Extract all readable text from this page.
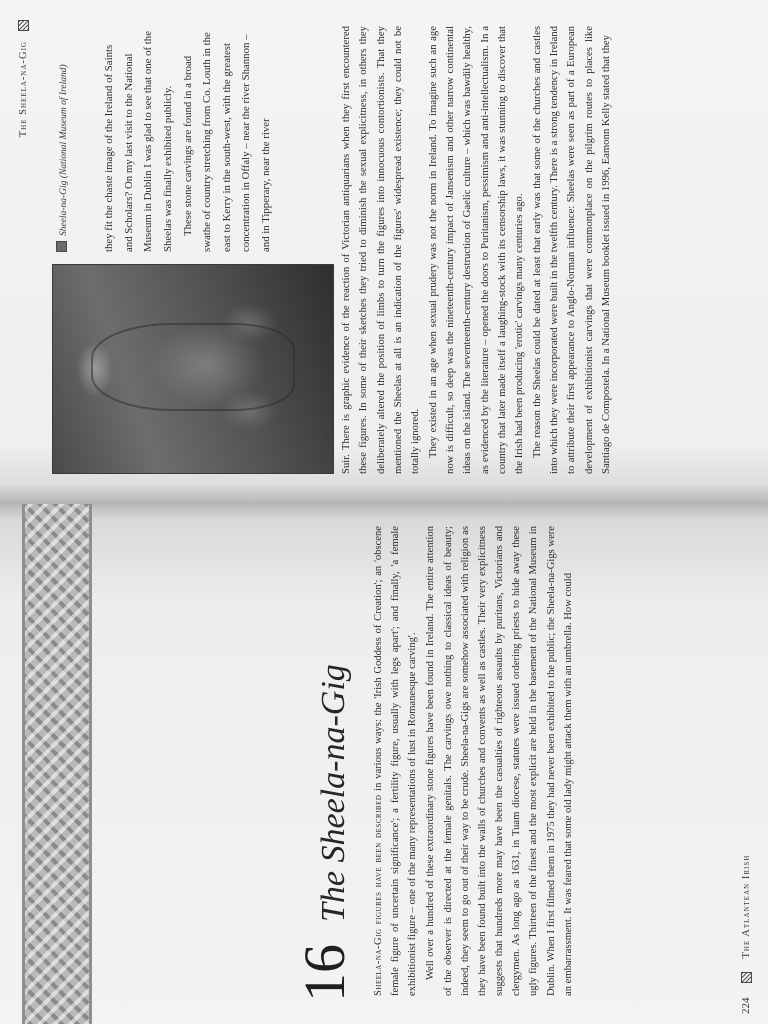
16
The Sheela-na-Gig Sheela-na-Gig figures have been described in various ways: the 'Irish Goddess of Creation'; an 'obscene female figure of uncertain significance'; a fertility figure, usually with legs apart'; and finally, 'a female exhibitionist figure – one of the many representations of lust in Romanesque carving'. Well over a hundred of these extraordinary stone figures have been found in Ireland. The entire attention of the observer is directed at the female genitals. The carvings owe nothing to classical ideas of beauty; indeed, they seem to go out of their way to be crude. Sheela-na-Gigs are somehow associated with religion as they have been found built into the walls of churches and convents as well as castles. Their very explicitness suggests that hundreds more may have been the casualties of righteous assaults by puritans, Victorians and clergymen. As long ago as 1631, in Tuam diocese, statutes were issued ordering priests to hide away these ugly figures. Thirteen of the finest and the most explicit are held in the basement of the National Museum in Dublin. When I first filmed them in 1975 they had never been exhibited to the public; the Sheela-na-Gigs were an embarrassment. It was feared that some old lady might attack them with an umbrella. How could

224
The Atlantean Irish
The Sheela-na-Gig	Sheela-na-Gig (National Museum of Ireland)	they fit the chaste image of the Ireland of Saints and Scholars? On my last visit to the National Museum in Dublin I was glad to see that one of the Sheelas was finally exhibited publicly. These stone carvings are found in a broad swathe of country stretching from Co. Louth in the east to Kerry in the south-west, with the greatest concentration in Offaly – near the river Shannon – and in Tipperary, near the river	Suir. There is graphic evidence of the reaction of Victorian antiquarians when they first encountered these figures. In some of their sketches they tried to diminish the sexual explicitness, in others they deliberately altered the position of limbs to turn the figures into innocuous contortionists. That they mentioned the Sheelas at all is an indication of the figures' widespread existence; they could not be totally ignored. They existed in an age when sexual prudery was not the norm in Ireland. To imagine such an age now is difficult, so deep was the nineteenth-century impact of Jansenism and other narrow continental ideas on the island. The seventeenth-century destruction of Gaelic culture – which was bawdily healthy, as evidenced by the literature – opened the doors to Puritanism, pessimism and anti-intellectualism. In a country that later made itself a laughing-stock with its censorship laws, it was stunning to discover that the Irish had been producing 'erotic' carvings many centuries ago. The reason the Sheelas could be dated at least that early was that some of the churches and castles into which they were incorporated were built in the twelfth century. There is a strong tendency in Ireland to attribute their first appearance to Anglo-Norman influence: Sheelas were seen as part of a European development of exhibitionist carvings that were commonplace on the pilgrim routes to places like Santiago de Compostela. In a National Museum booklet issued in 1996, Eamonn Kelly stated that they
